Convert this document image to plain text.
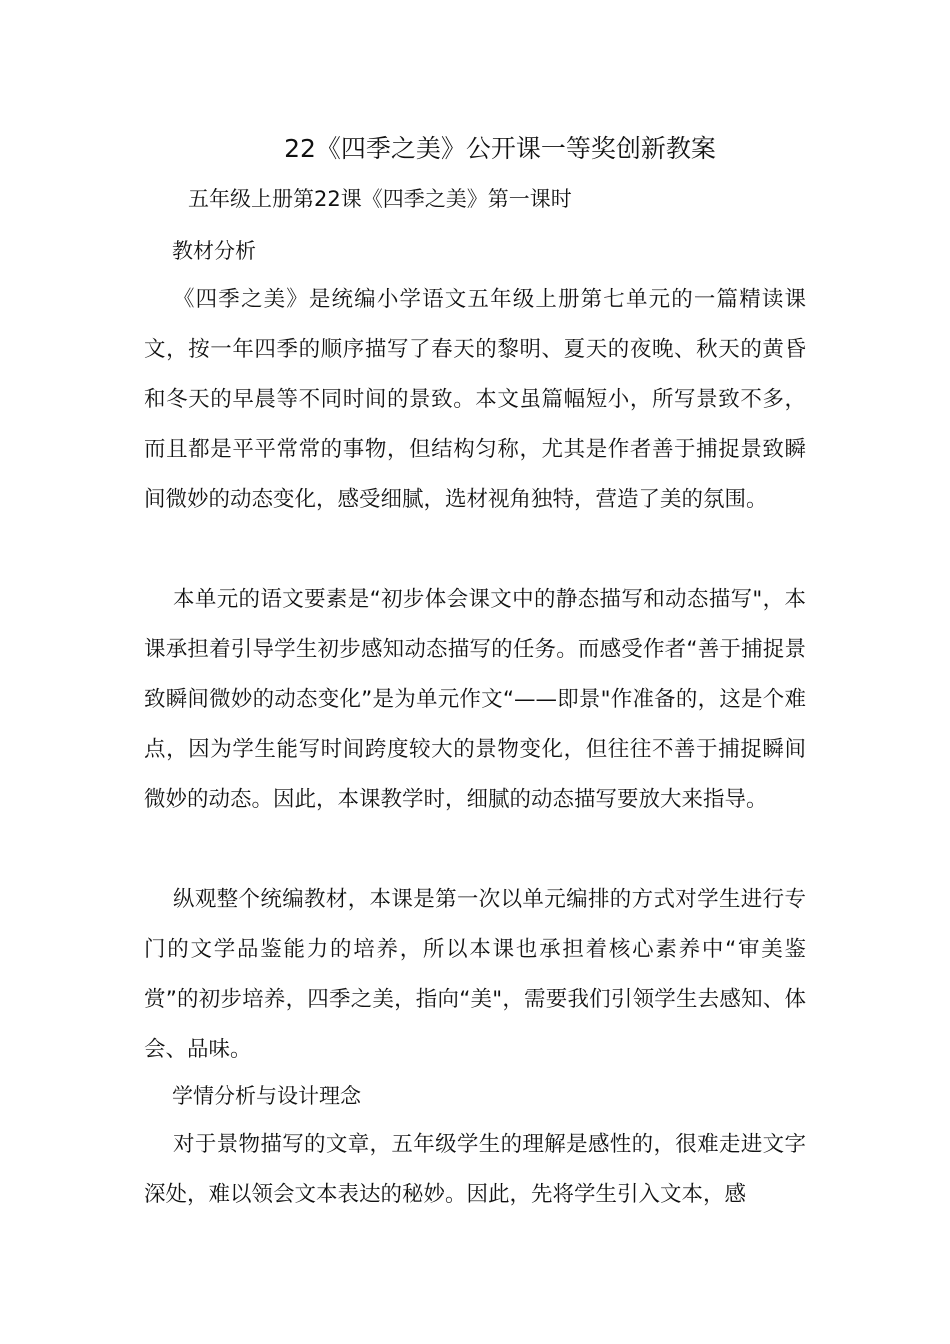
22《四季之美》公开课一等奖创新教案
五年级上册第22课《四季之美》第一课时
教材分析

《四季之美》是统编小学语文五年级上册第七单元的一篇精读课文，按一年四季的顺序描写了春天的黎明、夏天的夜晚、秋天的黄昏和冬天的早晨等不同时间的景致。本文虽篇幅短小，所写景致不多，而且都是平平常常的事物，但结构匀称，尤其是作者善于捕捉景致瞬间微妙的动态变化，感受细腻，选材视角独特，营造了美的氛围。

本单元的语文要素是“初步体会课文中的静态描写和动态描写"，本课承担着引导学生初步感知动态描写的任务。而感受作者“善于捕捉景致瞬间微妙的动态变化”是为单元作文“——即景"作准备的，这是个难点，因为学生能写时间跨度较大的景物变化，但往往不善于捕捉瞬间微妙的动态。因此，本课教学时，细腻的动态描写要放大来指导。

纵观整个统编教材，本课是第一次以单元编排的方式对学生进行专门的文学品鉴能力的培养，所以本课也承担着核心素养中“审美鉴赏”的初步培养，四季之美，指向“美"，需要我们引领学生去感知、体会、品味。

学情分析与设计理念

对于景物描写的文章，五年级学生的理解是感性的，很难走进文字深处，难以领会文本表达的秘妙。因此，先将学生引入文本，感
